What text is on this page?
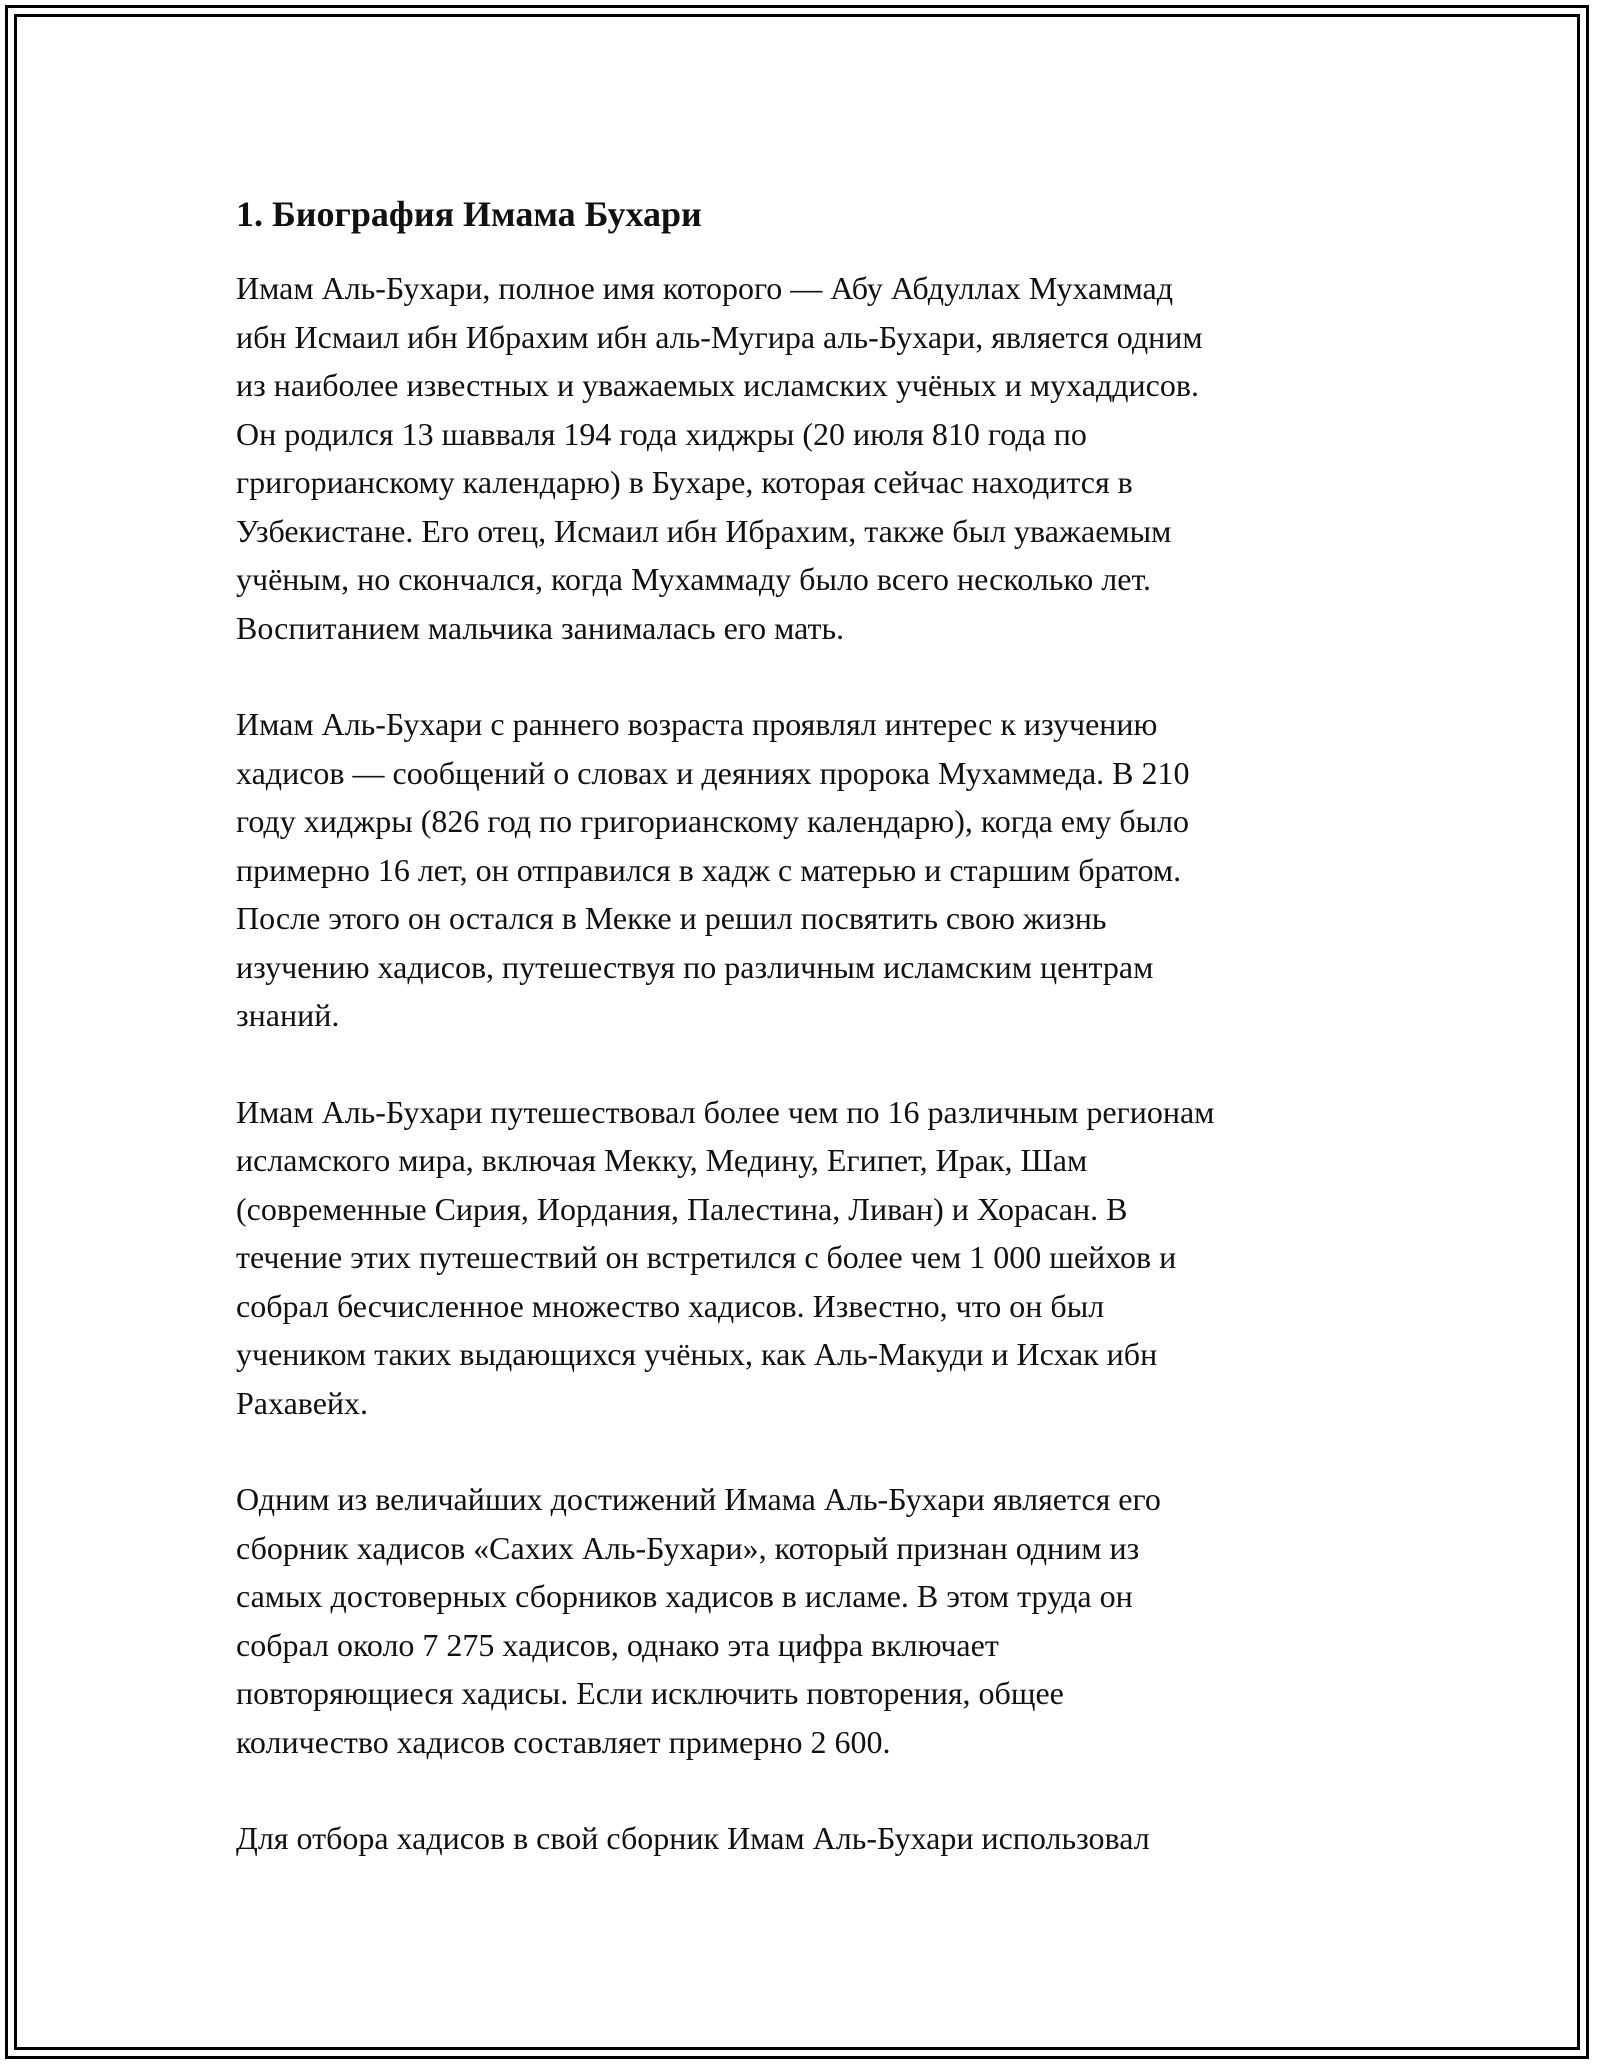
1. Биография Имама Бухари

Имам Аль-Бухари, полное имя которого — Абу Абдуллах Мухаммад
ибн Исмаил ибн Ибрахим ибн аль-Мугира аль-Бухари, является одним
из наиболее известных и уважаемых исламских учёных и мухаддисов.
Он родился 13 шавваля 194 года хиджры (20 июля 810 года по
григорианскому календарю) в Бухаре, которая сейчас находится в
Узбекистане. Его отец, Исмаил ибн Ибрахим, также был уважаемым
учёным, но скончался, когда Мухаммаду было всего несколько лет.
Воспитанием мальчика занималась его мать.

Имам Аль-Бухари с раннего возраста проявлял интерес к изучению
хадисов — сообщений о словах и деяниях пророка Мухаммеда. В 210
году хиджры (826 год по григорианскому календарю), когда ему было
примерно 16 лет, он отправился в хадж с матерью и старшим братом.
После этого он остался в Мекке и решил посвятить свою жизнь
изучению хадисов, путешествуя по различным исламским центрам
знаний.

Имам Аль-Бухари путешествовал более чем по 16 различным регионам
исламского мира, включая Мекку, Медину, Египет, Ирак, Шам
(современные Сирия, Иордания, Палестина, Ливан) и Хорасан. В
течение этих путешествий он встретился с более чем 1 000 шейхов и
собрал бесчисленное множество хадисов. Известно, что он был
учеником таких выдающихся учёных, как Аль-Макуди и Исхак ибн
Рахавейх.

Одним из величайших достижений Имама Аль-Бухари является его
сборник хадисов «Сахих Аль-Бухари», который признан одним из
самых достоверных сборников хадисов в исламе. В этом труда он
собрал около 7 275 хадисов, однако эта цифра включает
повторяющиеся хадисы. Если исключить повторения, общее
количество хадисов составляет примерно 2 600.

Для отбора хадисов в свой сборник Имам Аль-Бухари использовал
